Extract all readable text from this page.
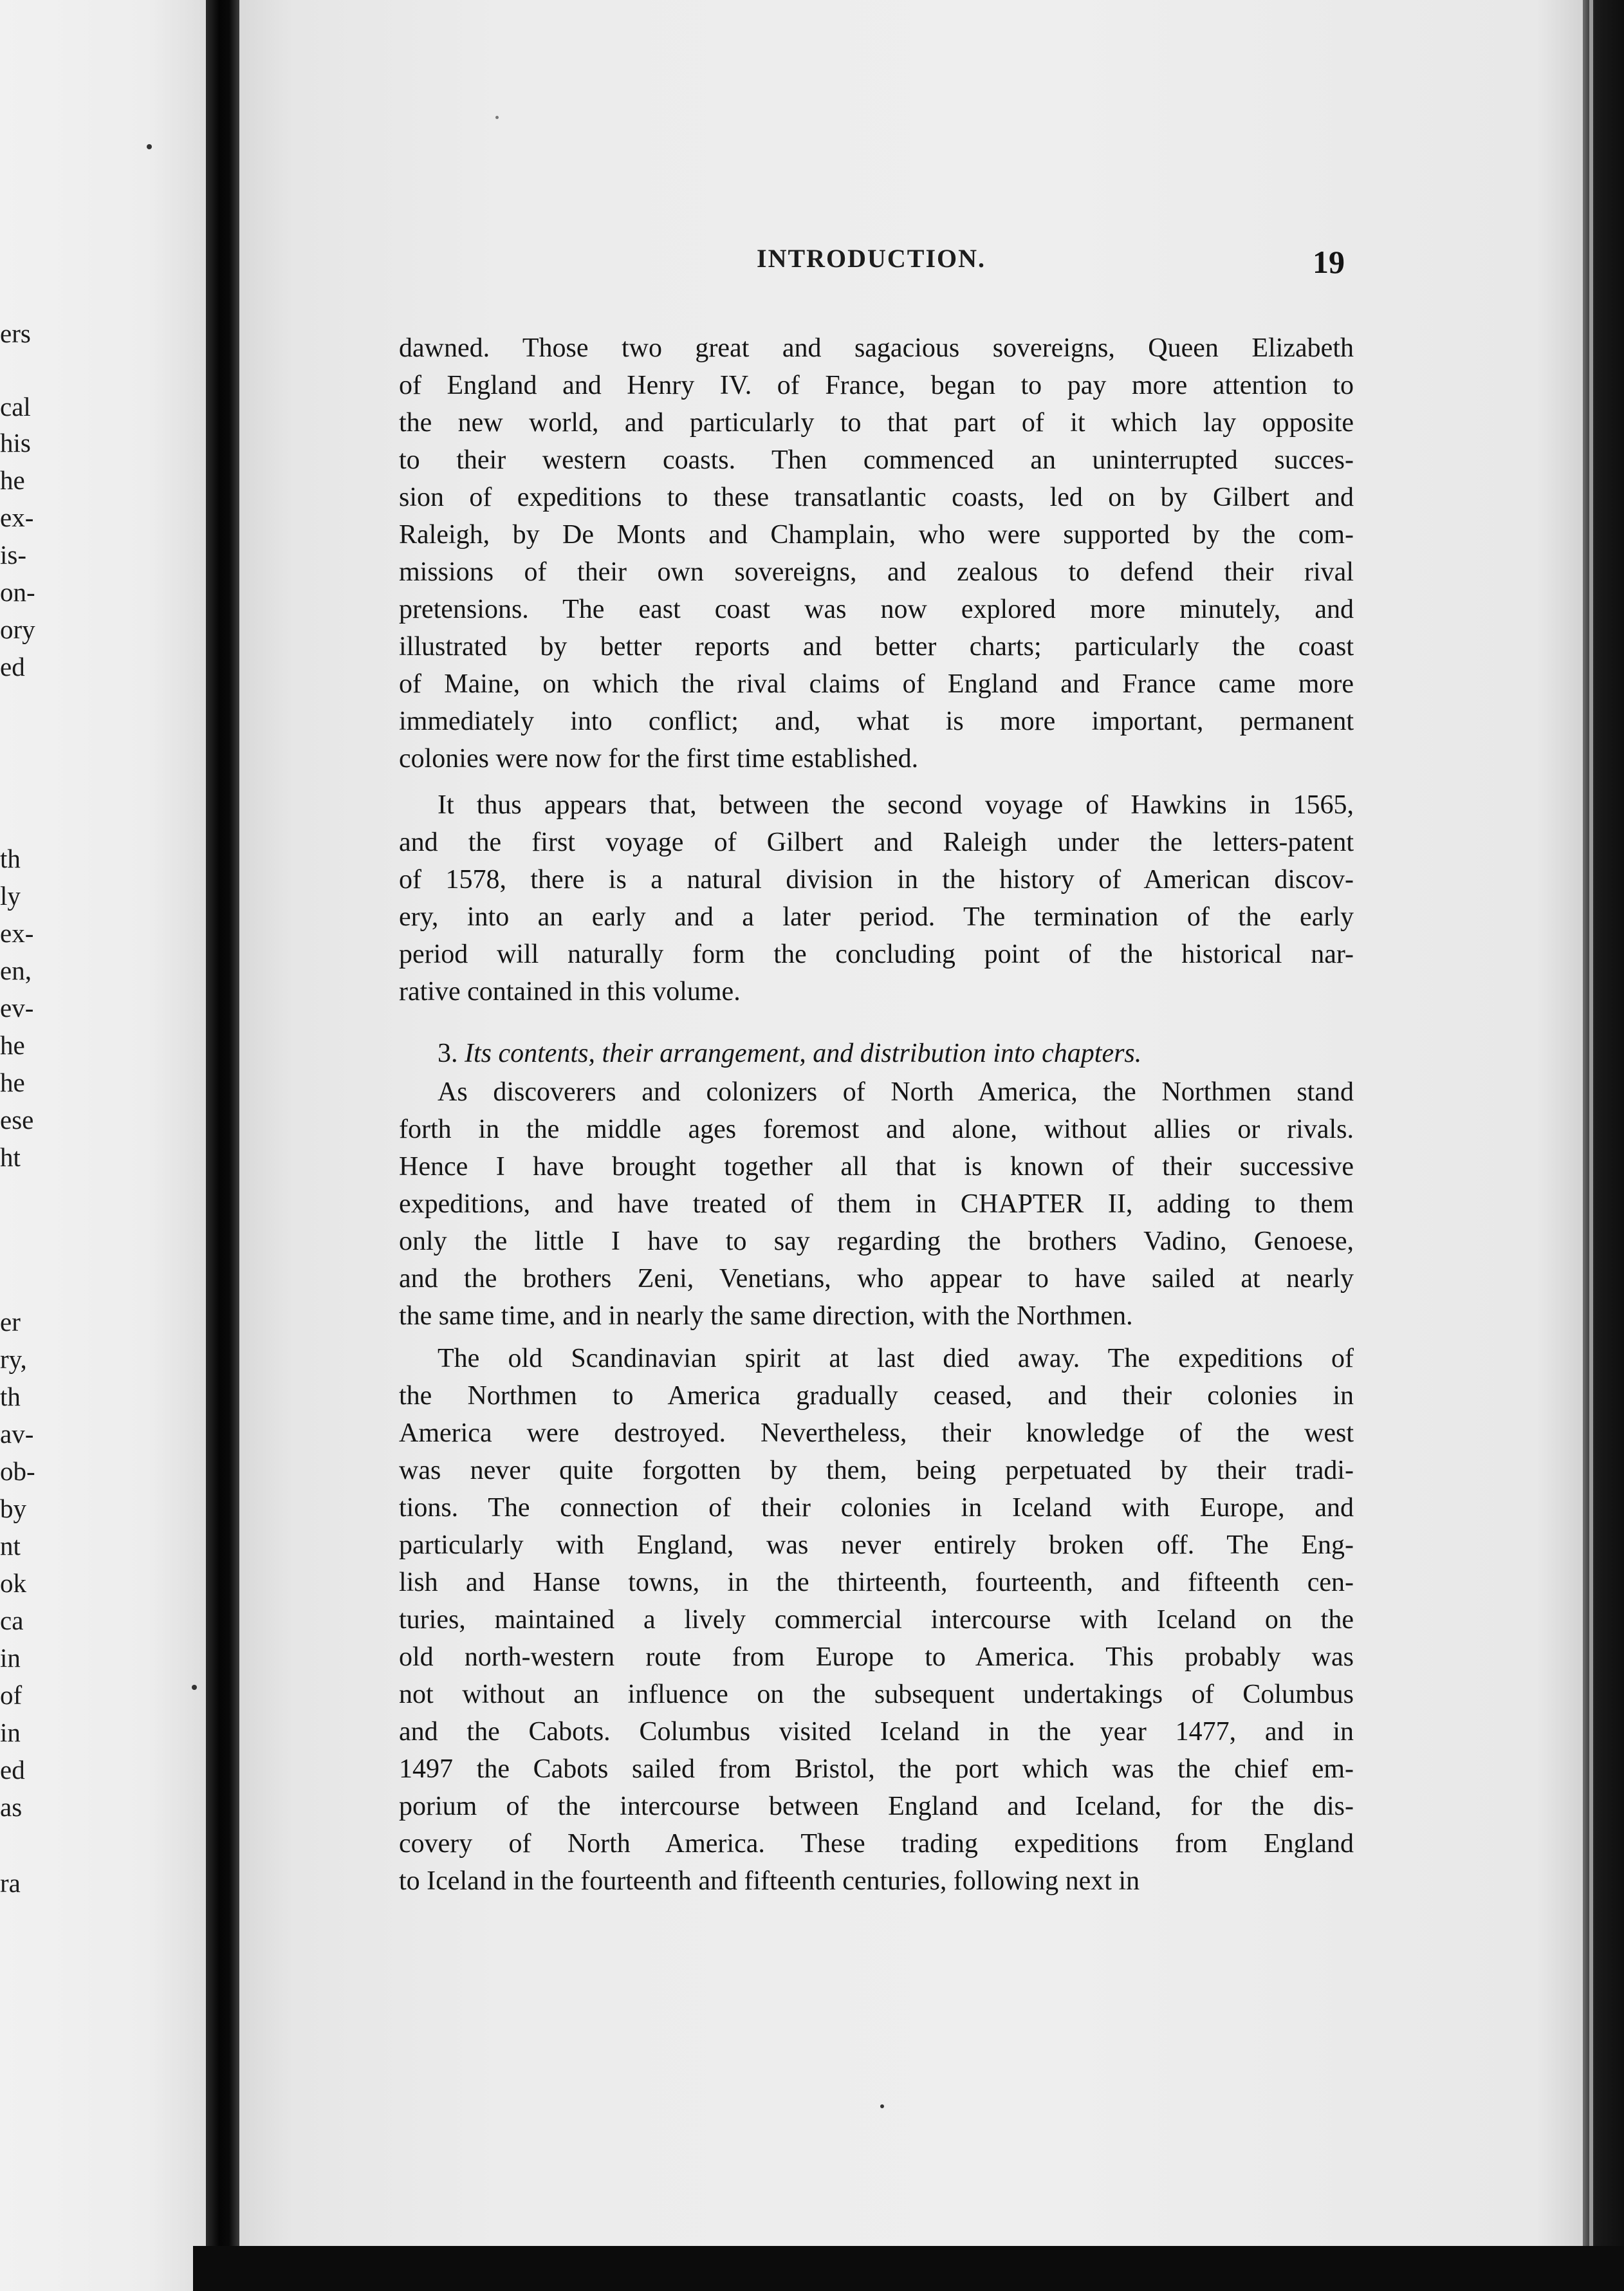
ers
cal
his
he
ex-
is-
on-
ory
ed
th
ly
ex-
en,
ev-
he
he
ese
ht
er
ry,
th
av-
ob-
by
nt
ok
ca
in
of
in
ed
as
ra
INTRODUCTION.	19
dawned. Those two great and sagacious sovereigns, Queen Elizabeth
of England and Henry IV. of France, began to pay more attention to
the new world, and particularly to that part of it which lay opposite
to their western coasts. Then commenced an uninterrupted succes-
sion of expeditions to these transatlantic coasts, led on by Gilbert and
Raleigh, by De Monts and Champlain, who were supported by the com-
missions of their own sovereigns, and zealous to defend their rival
pretensions. The east coast was now explored more minutely, and
illustrated by better reports and better charts; particularly the coast
of Maine, on which the rival claims of England and France came more
immediately into conflict; and, what is more important, permanent
colonies were now for the first time established.
It thus appears that, between the second voyage of Hawkins in 1565,
and the first voyage of Gilbert and Raleigh under the letters-patent
of 1578, there is a natural division in the history of American discov-
ery, into an early and a later period. The termination of the early
period will naturally form the concluding point of the historical nar-
rative contained in this volume.
3. Its contents, their arrangement, and distribution into chapters.
As discoverers and colonizers of North America, the Northmen stand
forth in the middle ages foremost and alone, without allies or rivals.
Hence I have brought together all that is known of their successive
expeditions, and have treated of them in CHAPTER II, adding to them
only the little I have to say regarding the brothers Vadino, Genoese,
and the brothers Zeni, Venetians, who appear to have sailed at nearly
the same time, and in nearly the same direction, with the Northmen.
The old Scandinavian spirit at last died away. The expeditions of
the Northmen to America gradually ceased, and their colonies in
America were destroyed. Nevertheless, their knowledge of the west
was never quite forgotten by them, being perpetuated by their tradi-
tions. The connection of their colonies in Iceland with Europe, and
particularly with England, was never entirely broken off. The Eng-
lish and Hanse towns, in the thirteenth, fourteenth, and fifteenth cen-
turies, maintained a lively commercial intercourse with Iceland on the
old north-western route from Europe to America. This probably was
not without an influence on the subsequent undertakings of Columbus
and the Cabots. Columbus visited Iceland in the year 1477, and in
1497 the Cabots sailed from Bristol, the port which was the chief em-
porium of the intercourse between England and Iceland, for the dis-
covery of North America. These trading expeditions from England
to Iceland in the fourteenth and fifteenth centuries, following next in
